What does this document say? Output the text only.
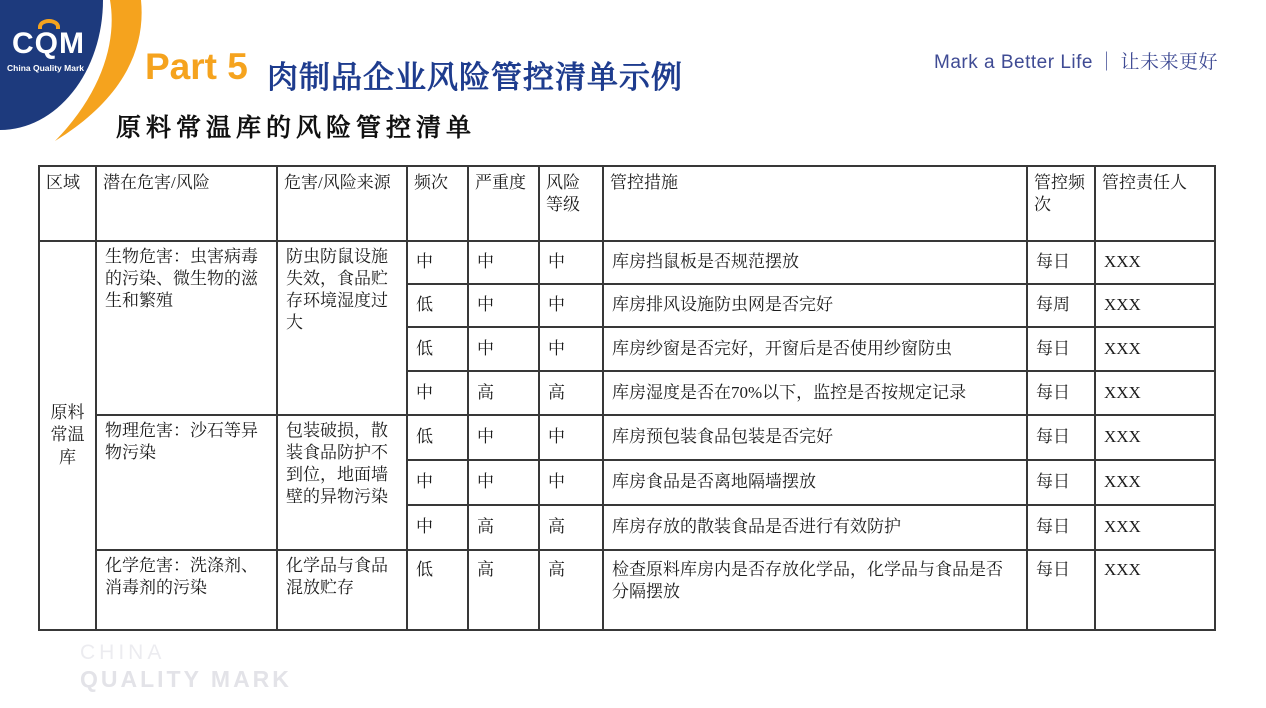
CQM
China Quality Mark Part 5 肉制品企业风险管控清单示例	Mark a Better Life ｜ 让未来更好
原料常温库的风险管控清单
区域	潜在危害/风险	危害/风险来源	频次	严重度	风险等级	管控措施	管控频次	管控责任人
原料常温库	生物危害：虫害病毒的污染、微生物的滋生和繁殖	防虫防鼠设施失效，食品贮存环境湿度过大	中	中	中	库房挡鼠板是否规范摆放	每日	XXX
			低	中	中	库房排风设施防虫网是否完好	每周	XXX
			低	中	中	库房纱窗是否完好，开窗后是否使用纱窗防虫	每日	XXX
			中	高	高	库房湿度是否在70%以下，监控是否按规定记录	每日	XXX
	物理危害：沙石等异物污染	包装破损，散装食品防护不到位，地面墙壁的异物污染	低	中	中	库房预包装食品包装是否完好	每日	XXX
			中	中	中	库房食品是否离地隔墙摆放	每日	XXX
			中	高	高	库房存放的散装食品是否进行有效防护	每日	XXX
	化学危害：洗涤剂、消毒剂的污染	化学品与食品混放贮存	低	高	高	检查原料库房内是否存放化学品，化学品与食品是否分隔摆放	每日	XXX
CHINA
QUALITY MARK
